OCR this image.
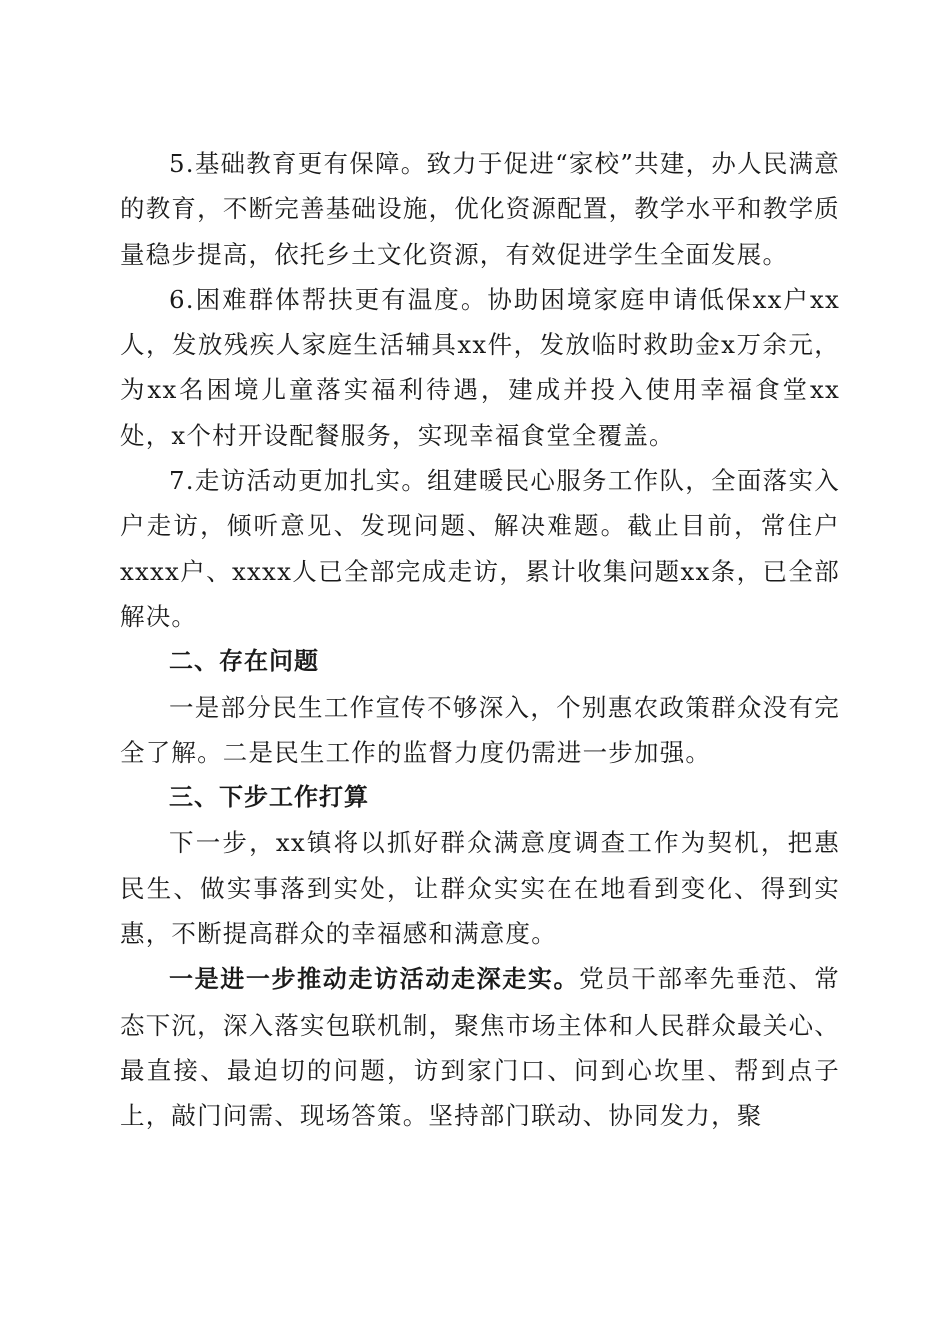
5.基础教育更有保障。致力于促进“家校”共建，办人民满意的教育，不断完善基础设施，优化资源配置，教学水平和教学质量稳步提高，依托乡土文化资源，有效促进学生全面发展。

6.困难群体帮扶更有温度。协助困境家庭申请低保xx户xx人，发放残疾人家庭生活辅具xx件，发放临时救助金x万余元，为xx名困境儿童落实福利待遇，建成并投入使用幸福食堂xx处，x个村开设配餐服务，实现幸福食堂全覆盖。

7.走访活动更加扎实。组建暖民心服务工作队，全面落实入户走访，倾听意见、发现问题、解决难题。截止目前，常住户xxxx户、xxxx人已全部完成走访，累计收集问题xx条，已全部解决。

二、存在问题

一是部分民生工作宣传不够深入，个别惠农政策群众没有完全了解。二是民生工作的监督力度仍需进一步加强。

三、下步工作打算

下一步，xx镇将以抓好群众满意度调查工作为契机，把惠民生、做实事落到实处，让群众实实在在地看到变化、得到实惠，不断提高群众的幸福感和满意度。

一是进一步推动走访活动走深走实。党员干部率先垂范、常态下沉，深入落实包联机制，聚焦市场主体和人民群众最关心、最直接、最迫切的问题，访到家门口、问到心坎里、帮到点子上，敲门问需、现场答策。坚持部门联动、协同发力，聚
